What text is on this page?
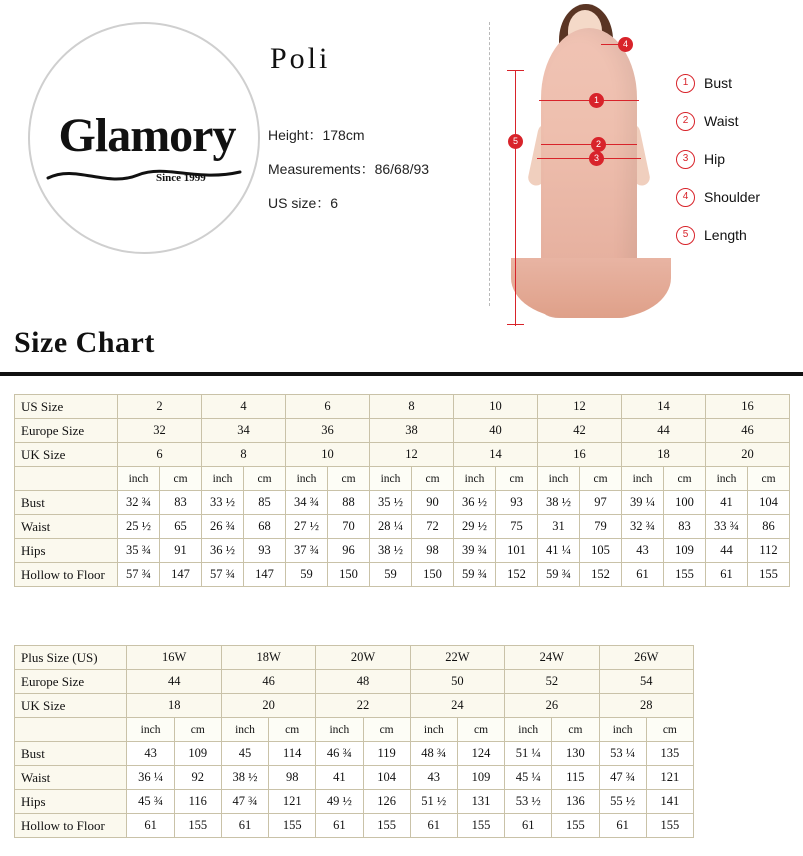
Glamory
Since 1999
Poli
Height：178cm
Measurements：86/68/93
US size：6
1
2
3
4
5
1	Bust
2	Waist
3	Hip
4	Shoulder
5	Length
Size Chart
US Size	2		4		6		8		10		12		14		16	
Europe Size	32		34		36		38		40		42		44		46	
UK Size	6		8		10		12		14		16		18		20	
	inch	cm	inch	cm	inch	cm	inch	cm	inch	cm	inch	cm	inch	cm	inch	cm
Bust	32 ¾	83	33 ½	85	34 ¾	88	35 ½	90	36 ½	93	38 ½	97	39 ¼	100	41	104
Waist	25 ½	65	26 ¾	68	27 ½	70	28 ¼	72	29 ½	75	31	79	32 ¾	83	33 ¾	86
Hips	35 ¾	91	36 ½	93	37 ¾	96	38 ½	98	39 ¾	101	41 ¼	105	43	109	44	112
Hollow to Floor	57 ¾	147	57 ¾	147	59	150	59	150	59 ¾	152	59 ¾	152	61	155	61	155
Plus Size (US)	16W		18W		20W		22W		24W		26W	
Europe Size	44		46		48		50		52		54	
UK Size	18		20		22		24		26		28	
	inch	cm	inch	cm	inch	cm	inch	cm	inch	cm	inch	cm
Bust	43	109	45	114	46 ¾	119	48 ¾	124	51 ¼	130	53 ¼	135
Waist	36 ¼	92	38 ½	98	41	104	43	109	45 ¼	115	47 ¾	121
Hips	45 ¾	116	47 ¾	121	49 ½	126	51 ½	131	53 ½	136	55 ½	141
Hollow to Floor	61	155	61	155	61	155	61	155	61	155	61	155
